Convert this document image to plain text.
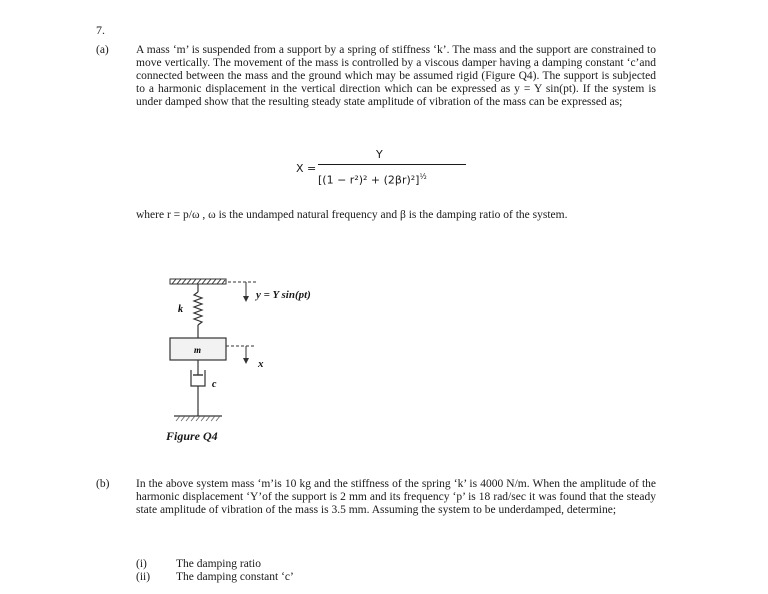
7.
(a) A mass ‘m’ is suspended from a support by a spring of stiffness ‘k’. The mass and the support are constrained to move vertically. The movement of the mass is controlled by a viscous damper having a damping constant ‘c’and connected between the mass and the ground which may be assumed rigid (Figure Q4). The support is subjected to a harmonic displacement in the vertical direction which can be expressed as y = Y sin(pt). If the system is under damped show that the resulting steady state amplitude of vibration of the mass can be expressed as;
X =
Y
$[(1 - r^2)^2 + (2\beta r)^2]^{^1⁄_2}$
where r = p/ω , ω is the undamped natural frequency and β is the damping ratio of the system.
k
m
c
y = Y sin(pt)
x
Figure Q4
(b) In the above system mass ‘m’is 10 kg and the stiffness of the spring ‘k’ is 4000 N/m. When the amplitude of the harmonic displacement ‘Y’of the support is 2 mm and its frequency ‘p’ is 18 rad/sec it was found that the steady state amplitude of vibration of the mass is 3.5 mm. Assuming the system to be underdamped, determine;
(i)	The damping ratio
(ii)	The damping constant ‘c’
